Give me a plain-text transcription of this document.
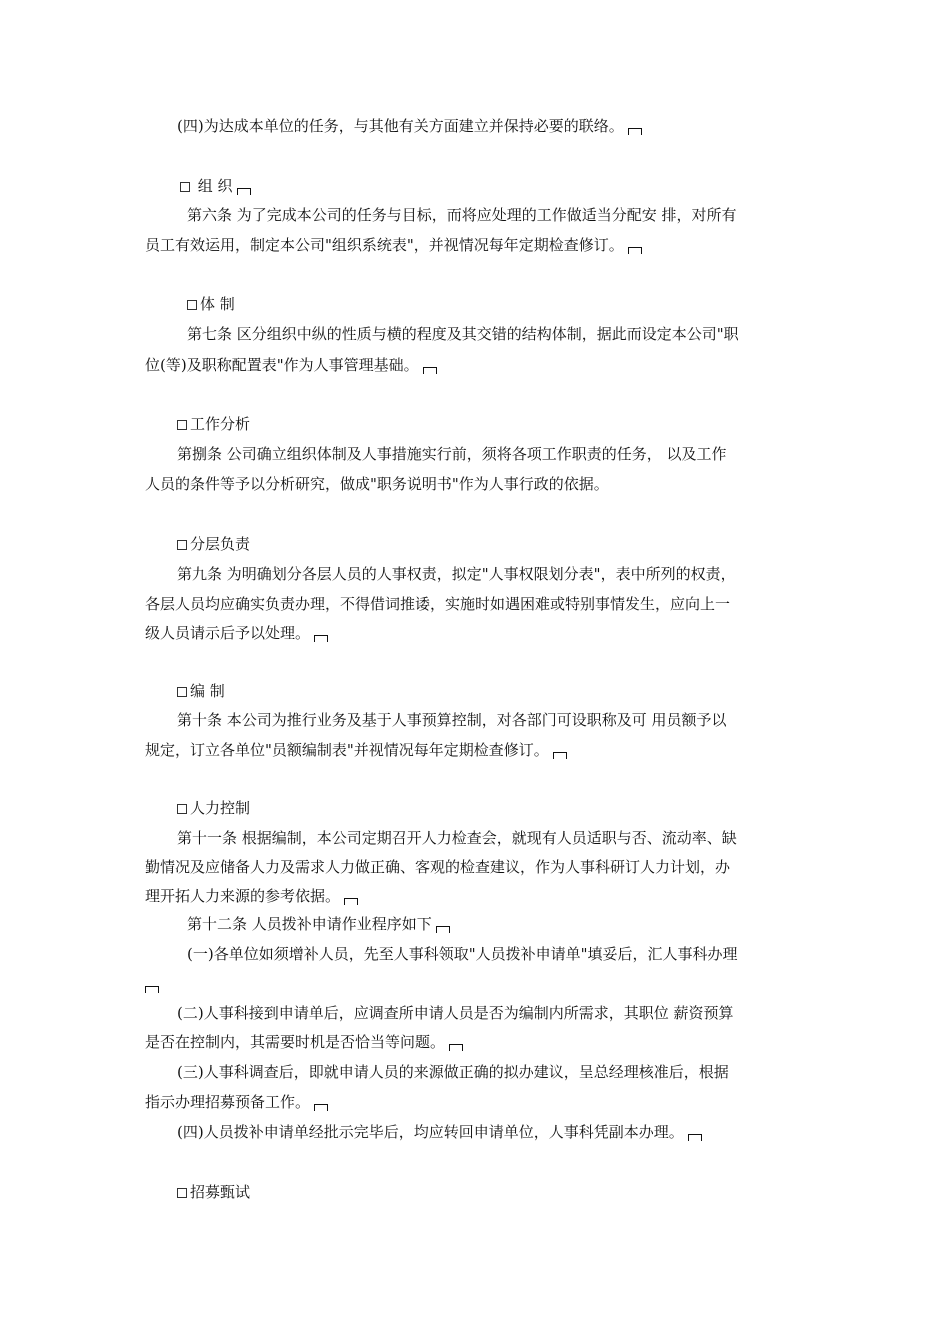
(四)为达成本单位的任务，与其他有关方面建立并保持必要的联络。
组 织
第六条 为了完成本公司的任务与目标，而将应处理的工作做适当分配安 排，对所有
员工有效运用，制定本公司"组织系统表"，并视情况每年定期检查修订。
体 制
第七条 区分组织中纵的性质与横的程度及其交错的结构体制，据此而设定本公司"职
位(等)及职称配置表"作为人事管理基础。
工作分析
第捌条 公司确立组织体制及人事措施实行前，须将各项工作职责的任务， 以及工作
人员的条件等予以分析研究，做成"职务说明书"作为人事行政的依据。
分层负责
第九条 为明确划分各层人员的人事权责，拟定"人事权限划分表"，表中所列的权责，
各层人员均应确实负责办理，不得借词推诿，实施时如遇困难或特别事情发生，应向上一
级人员请示后予以处理。
编 制
第十条 本公司为推行业务及基于人事预算控制，对各部门可设职称及可 用员额予以
规定，订立各单位"员额编制表"并视情况每年定期检查修订。
人力控制
第十一条 根据编制，本公司定期召开人力检查会，就现有人员适职与否、流动率、缺
勤情况及应储备人力及需求人力做正确、客观的检查建议，作为人事科研订人力计划，办
理开拓人力来源的参考依据。
第十二条 人员拨补申请作业程序如下
(一)各单位如须增补人员，先至人事科领取"人员拨补申请单"填妥后，汇人事科办理
(二)人事科接到申请单后，应调查所申请人员是否为编制内所需求，其职位 薪资预算
是否在控制内，其需要时机是否恰当等问题。
(三)人事科调查后，即就申请人员的来源做正确的拟办建议，呈总经理核准后，根据
指示办理招募预备工作。
(四)人员拨补申请单经批示完毕后，均应转回申请单位，人事科凭副本办理。
招募甄试
